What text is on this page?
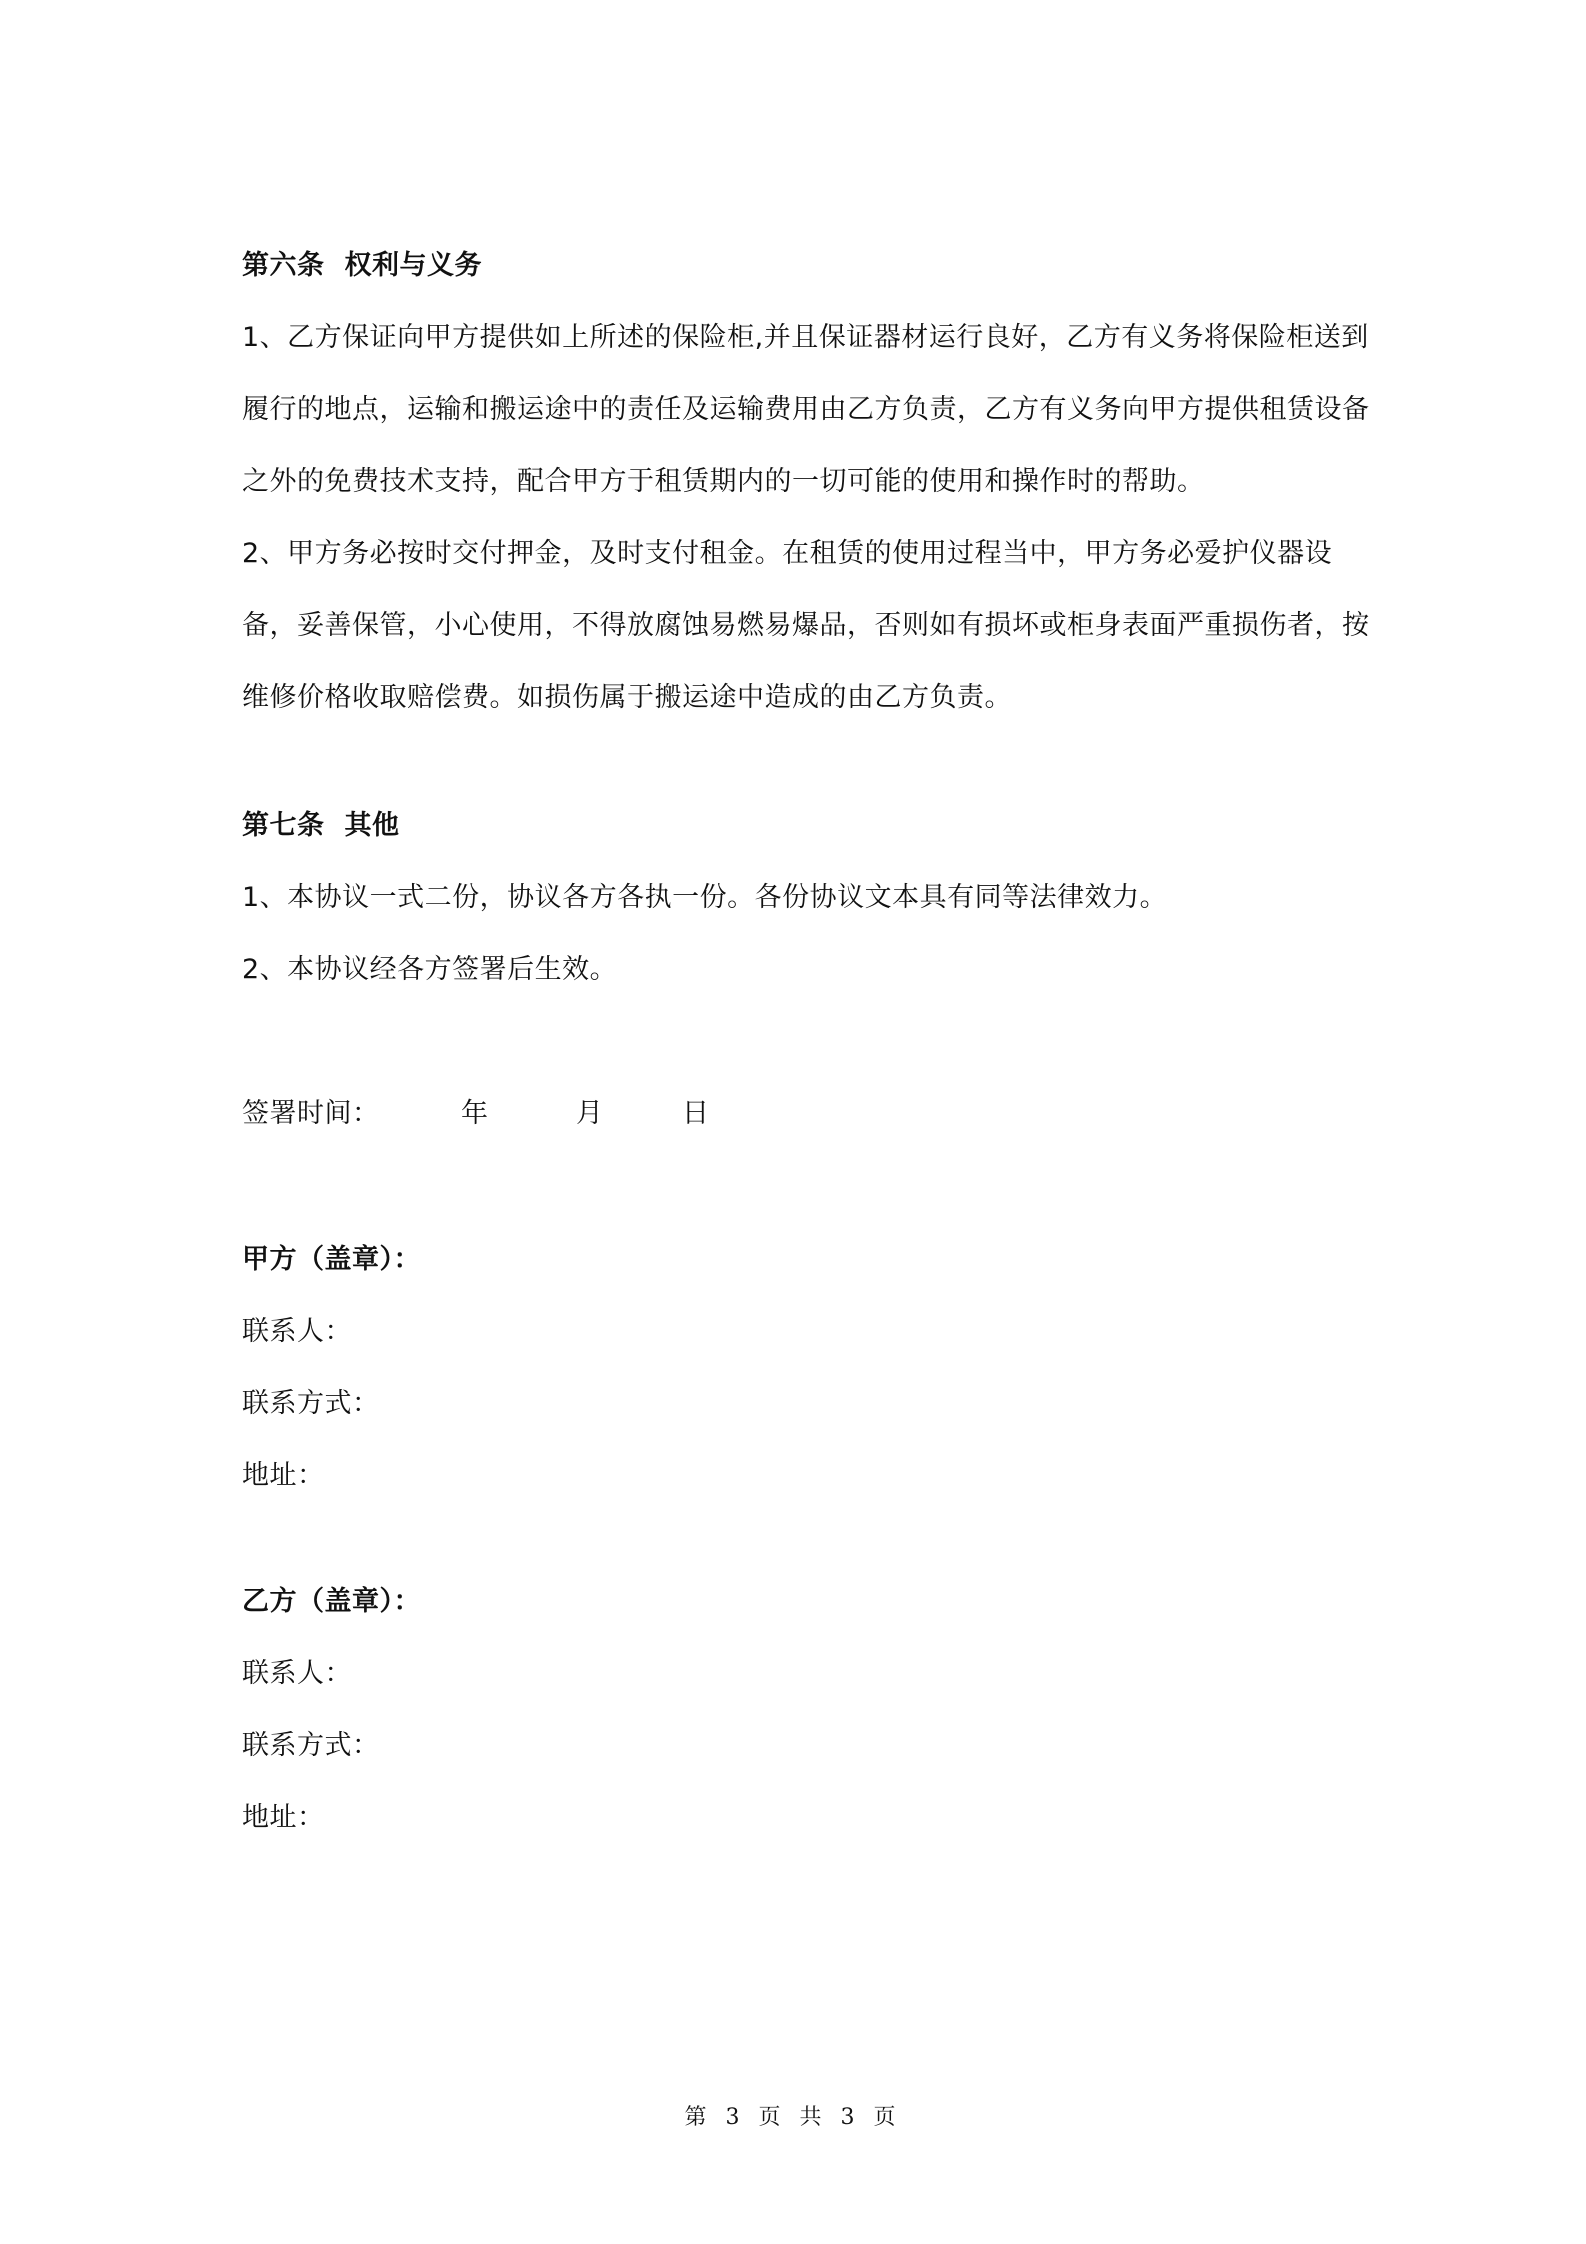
第六条 权利与义务
1、乙方保证向甲方提供如上所述的保险柜,并且保证器材运行良好，乙方有义务将保险柜送到
履行的地点，运输和搬运途中的责任及运输费用由乙方负责，乙方有义务向甲方提供租赁设备
之外的免费技术支持，配合甲方于租赁期内的一切可能的使用和操作时的帮助。
2、甲方务必按时交付押金，及时支付租金。在租赁的使用过程当中，甲方务必爱护仪器设
备，妥善保管，小心使用，不得放腐蚀易燃易爆品，否则如有损坏或柜身表面严重损伤者，按
维修价格收取赔偿费。如损伤属于搬运途中造成的由乙方负责。
第七条 其他
1、本协议一式二份，协议各方各执一份。各份协议文本具有同等法律效力。
2、本协议经各方签署后生效。
签署时间：	年	月	日
甲方（盖章）：
联系人：
联系方式：
地址：
乙方（盖章）：
联系人：
联系方式：
地址：
第 3 页 共 3 页
